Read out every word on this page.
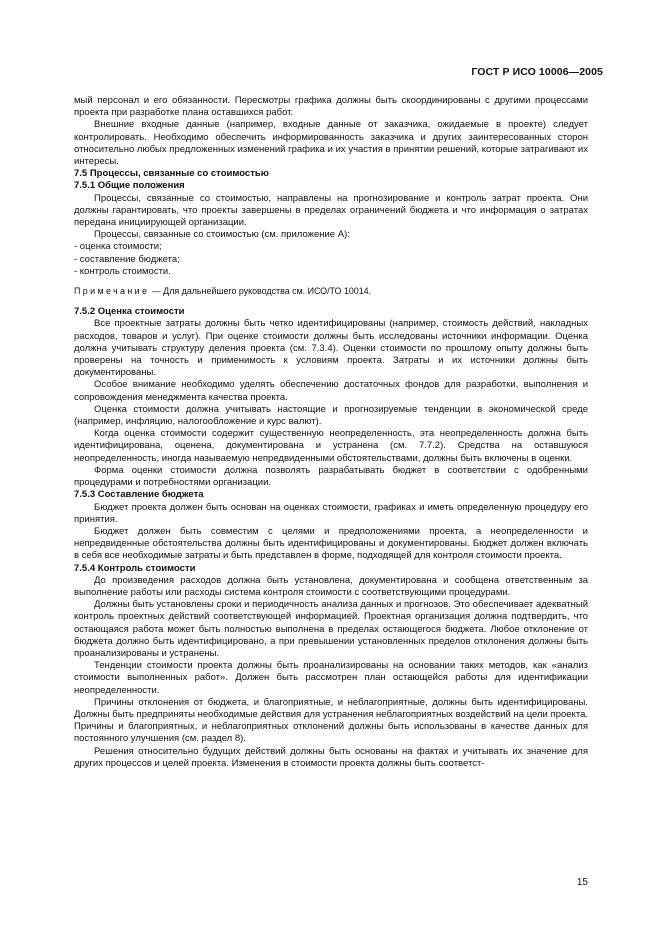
ГОСТ Р ИСО 10006—2005

мый персонал и его обязанности. Пересмотры графика должны быть скоординированы с другими процессами проекта при разработке плана оставшихся работ.

Внешние входные данные (например, входные данные от заказчика, ожидаемые в проекте) следует контролировать. Необходимо обеспечить информированность заказчика и других заинтересованных сторон относительно любых предложенных изменений графика и их участия в принятии решений, которые затрагивают их интересы.

7.5 Процессы, связанные со стоимостью

7.5.1 Общие положения

Процессы, связанные со стоимостью, направлены на прогнозирование и контроль затрат проекта. Они должны гарантировать, что проекты завершены в пределах ограничений бюджета и что информация о затратах передана инициирующей организации.

Процессы, связанные со стоимостью (см. приложение А):

- оценка стоимости;

- составление бюджета;

- контроль стоимости.

Примечание — Для дальнейшего руководства см. ИСО/ТО 10014.

7.5.2 Оценка стоимости

Все проектные затраты должны быть четко идентифицированы (например, стоимость действий, накладных расходов, товаров и услуг). При оценке стоимости должны быть исследованы источники информации. Оценка должна учитывать структуру деления проекта (см. 7.3.4). Оценки стоимости по прошлому опыту должны быть проверены на точность и применимость к условиям проекта. Затраты и их источники должны быть документированы.

Особое внимание необходимо уделять обеспечению достаточных фондов для разработки, выполнения и сопровождения менеджмента качества проекта.

Оценка стоимости должна учитывать настоящие и прогнозируемые тенденции в экономической среде (например, инфляцию, налогообложение и курс валют).

Когда оценка стоимости содержит существенную неопределенность, эта неопределенность должна быть идентифицирована, оценена, документирована и устранена (см. 7.7.2). Средства на оставшуюся неопределенность, иногда называемую непредвиденными обстоятельствами, должны быть включены в оценки.

Форма оценки стоимости должна позволять разрабатывать бюджет в соответствии с одобренными процедурами и потребностями организации.

7.5.3 Составление бюджета

Бюджет проекта должен быть основан на оценках стоимости, графиках и иметь определенную процедуру его принятия.

Бюджет должен быть совместим с целями и предположениями проекта, а неопределенности и непредвиденные обстоятельства должны быть идентифицированы и документированы. Бюджет должен включать в себя все необходимые затраты и быть представлен в форме, подходящей для контроля стоимости проекта.

7.5.4 Контроль стоимости

До произведения расходов должна быть установлена, документирована и сообщена ответственным за выполнение работы или расходы система контроля стоимости с соответствующими процедурами.

Должны быть установлены сроки и периодичность анализа данных и прогнозов. Это обеспечивает адекватный контроль проектных действий соответствующей информацией. Проектная организация должна подтвердить, что остающаяся работа может быть полностью выполнена в пределах остающегося бюджета. Любое отклонение от бюджета должно быть идентифицировано, а при превышении установленных пределов отклонения должны быть проанализированы и устранены.

Тенденции стоимости проекта должны быть проанализированы на основании таких методов, как «анализ стоимости выполненных работ». Должен быть рассмотрен план остающейся работы для идентификации неопределенности.

Причины отклонения от бюджета, и благоприятные, и неблагоприятные, должны быть идентифицированы. Должны быть предприняты необходимые действия для устранения неблагоприятных воздействий на цели проекта. Причины и благоприятных, и неблагоприятных отклонений должны быть использованы в качестве данных для постоянного улучшения (см. раздел 8).

Решения относительно будущих действий должны быть основаны на фактах и учитывать их значение для других процессов и целей проекта. Изменения в стоимости проекта должны быть соответст-

15
